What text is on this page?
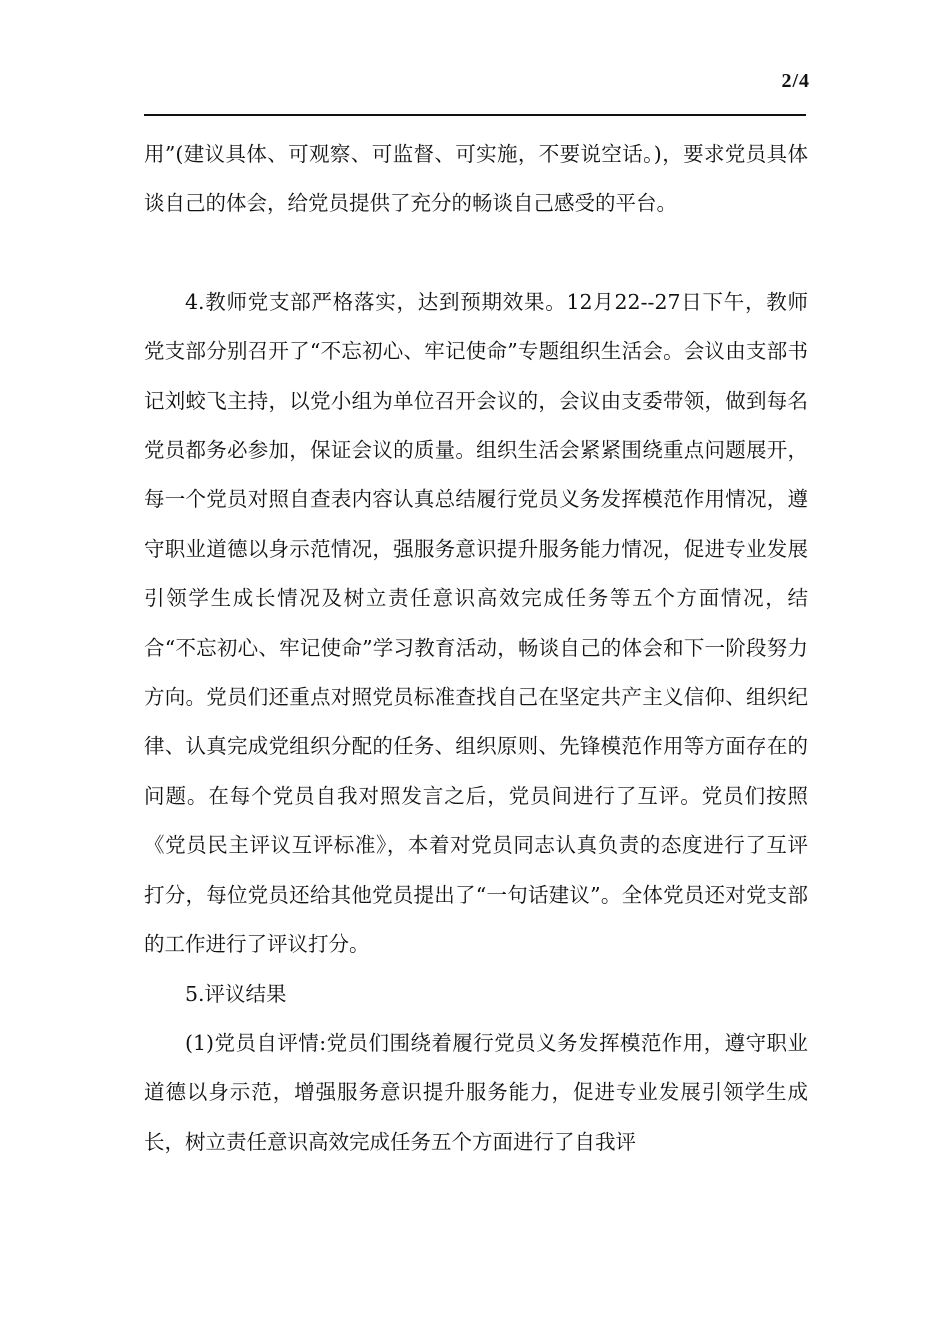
2/4

用”(建议具体、可观察、可监督、可实施，不要说空话。)，要求党员具体谈自己的体会，给党员提供了充分的畅谈自己感受的平台。

4.教师党支部严格落实，达到预期效果。12月22--27日下午，教师党支部分别召开了“不忘初心、牢记使命”专题组织生活会。会议由支部书记刘蛟飞主持，以党小组为单位召开会议的，会议由支委带领，做到每名党员都务必参加，保证会议的质量。组织生活会紧紧围绕重点问题展开，每一个党员对照自查表内容认真总结履行党员义务发挥模范作用情况，遵守职业道德以身示范情况，强服务意识提升服务能力情况，促进专业发展引领学生成长情况及树立责任意识高效完成任务等五个方面情况，结合“不忘初心、牢记使命”学习教育活动，畅谈自己的体会和下一阶段努力方向。党员们还重点对照党员标准查找自己在坚定共产主义信仰、组织纪律、认真完成党组织分配的任务、组织原则、先锋模范作用等方面存在的问题。在每个党员自我对照发言之后，党员间进行了互评。党员们按照《党员民主评议互评标准》，本着对党员同志认真负责的态度进行了互评打分，每位党员还给其他党员提出了“一句话建议”。全体党员还对党支部的工作进行了评议打分。

5.评议结果

(1)党员自评情:党员们围绕着履行党员义务发挥模范作用，遵守职业道德以身示范，增强服务意识提升服务能力，促进专业发展引领学生成长，树立责任意识高效完成任务五个方面进行了自我评
